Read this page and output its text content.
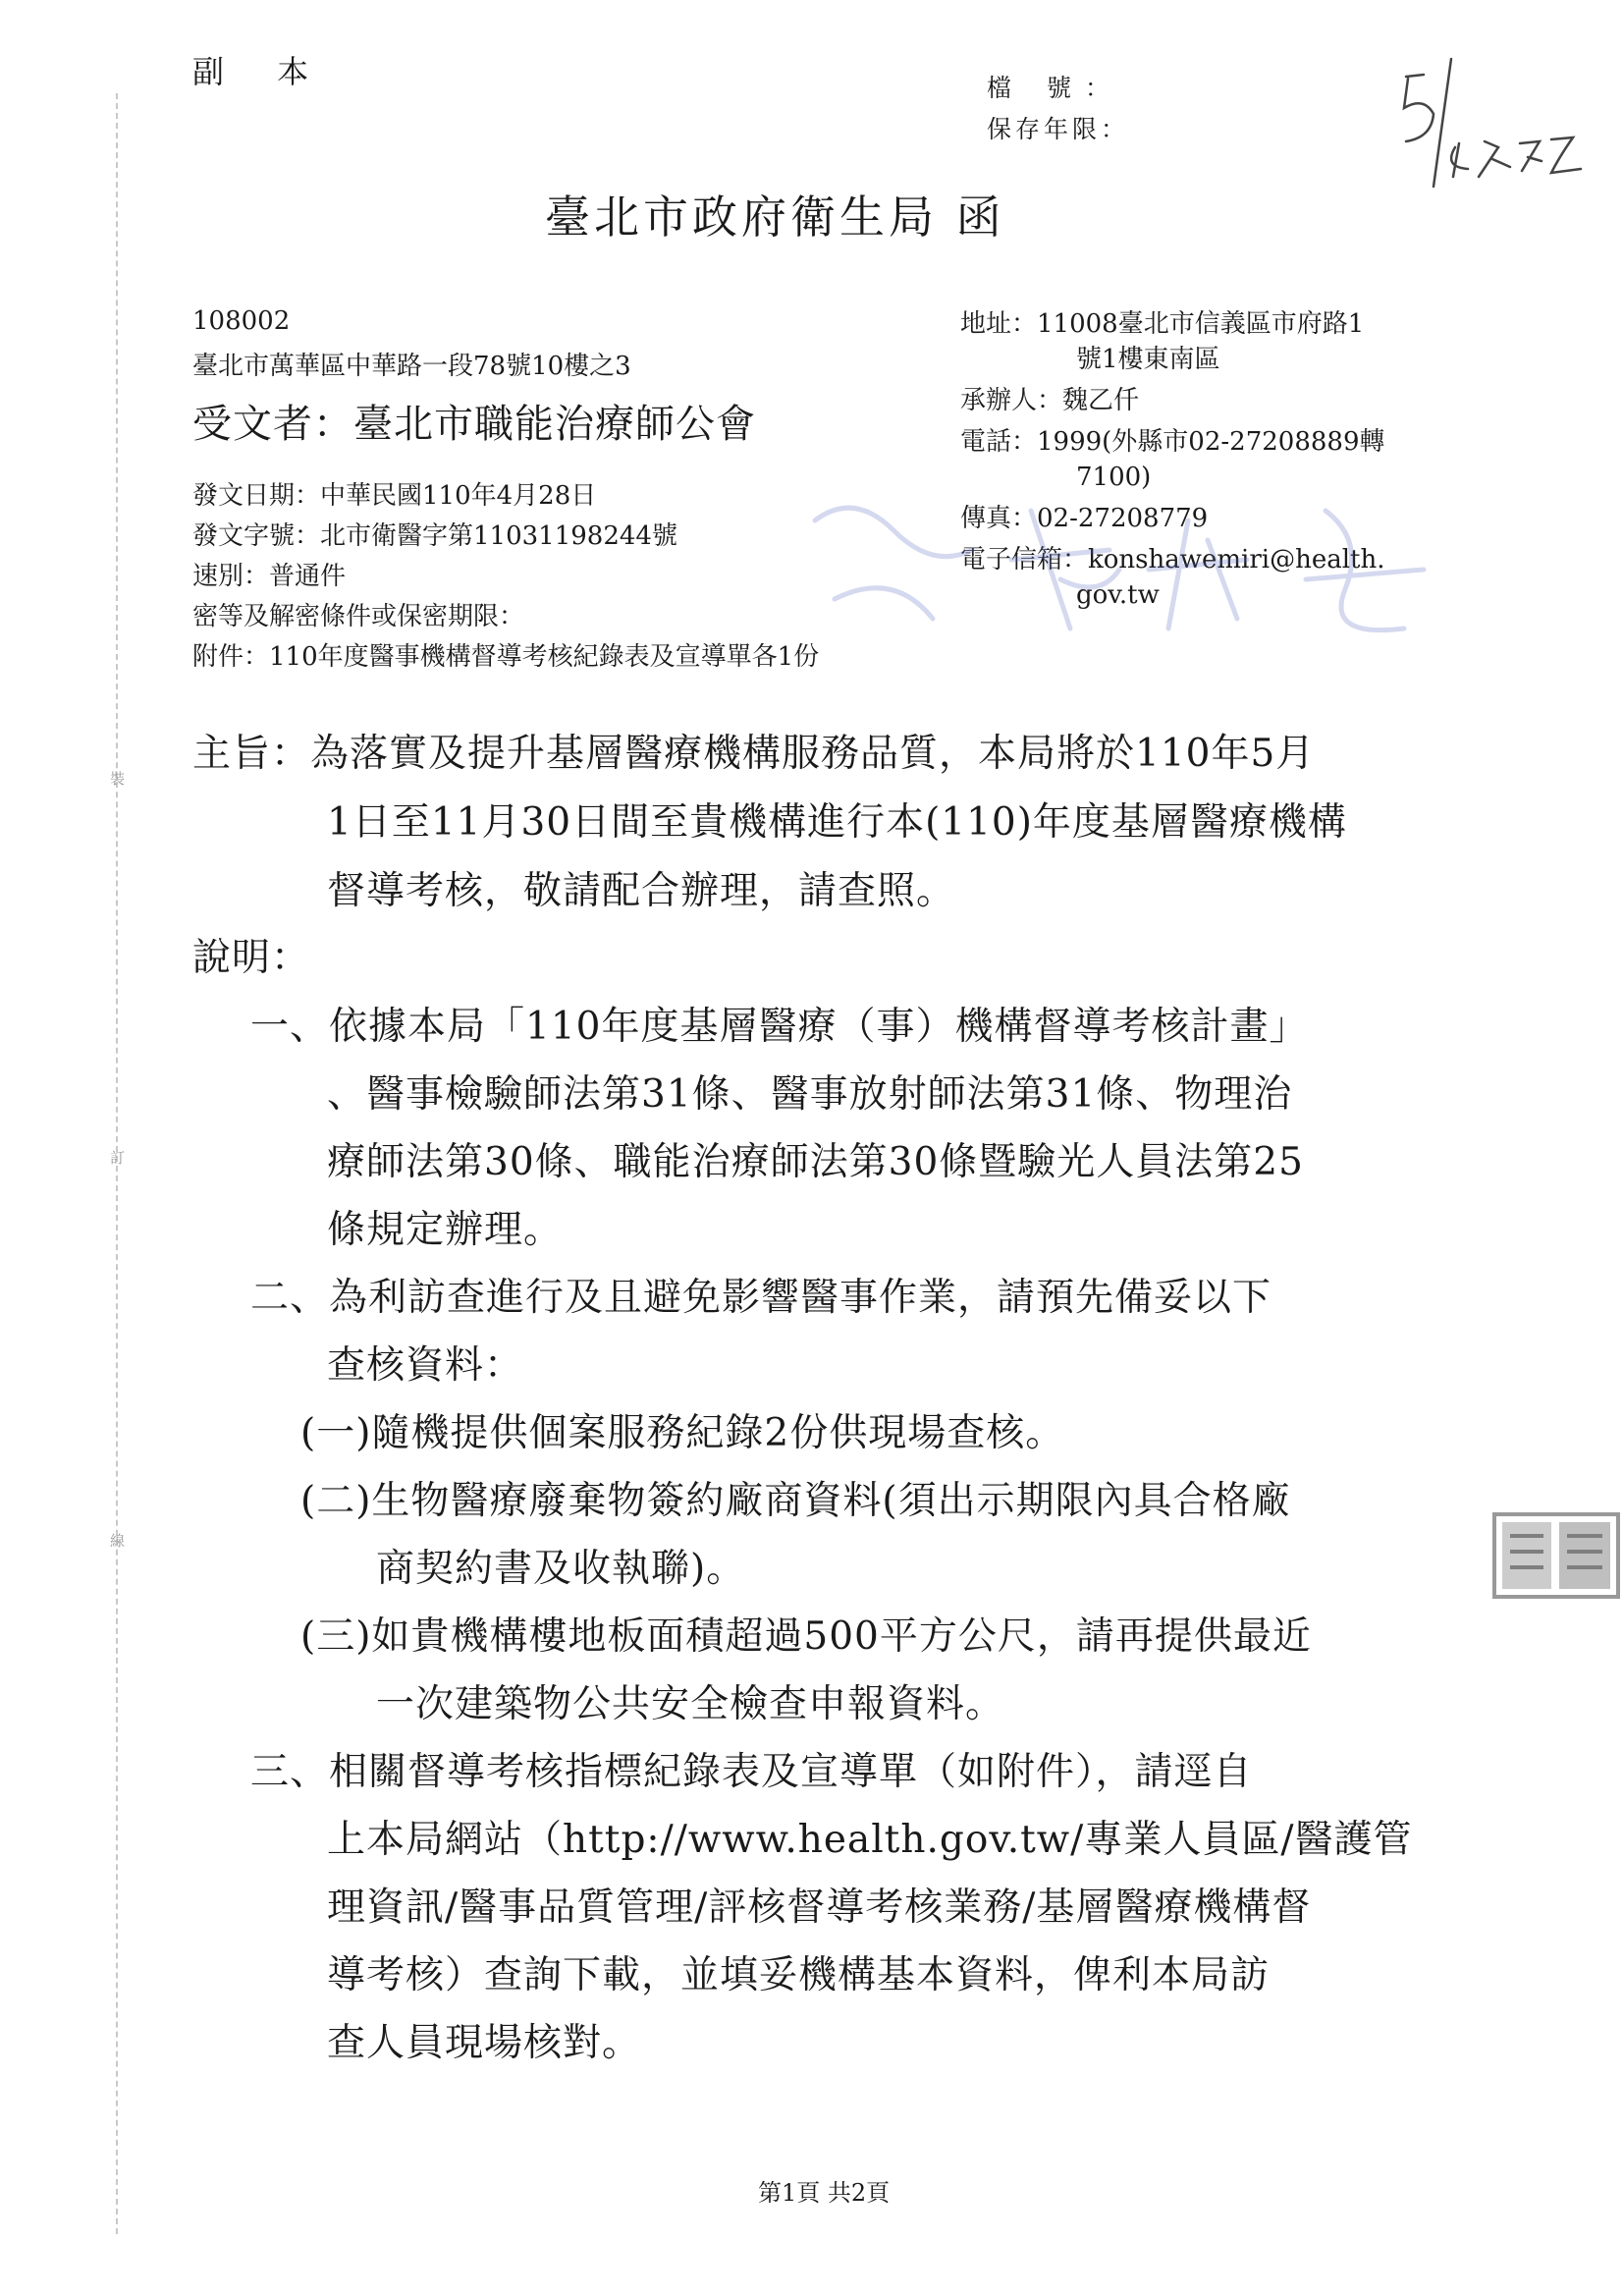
裝
訂
線
副 本	檔 號：
保存年限：
臺北市政府衛生局 函
108002
臺北市萬華區中華路一段78號10樓之3
受文者：臺北市職能治療師公會
地址：11008臺北市信義區市府路1

號1樓東南區
承辦人：魏乙仟
電話：1999(外縣市02-27208889轉
7100)
傳真：02-27208779
電子信箱：konshawemiri@health.
gov.tw
發文日期：中華民國110年4月28日
發文字號：北市衛醫字第11031198244號
速別：普通件
密等及解密條件或保密期限：
附件：110年度醫事機構督導考核紀錄表及宣導單各1份
主旨：為落實及提升基層醫療機構服務品質，本局將於110年5月
1日至11月30日間至貴機構進行本(110)年度基層醫療機構
督導考核，敬請配合辦理，請查照。
說明：
一、依據本局「110年度基層醫療（事）機構督導考核計畫」
、醫事檢驗師法第31條、醫事放射師法第31條、物理治
療師法第30條、職能治療師法第30條暨驗光人員法第25
條規定辦理。
二、為利訪查進行及且避免影響醫事作業，請預先備妥以下
查核資料：
(一)隨機提供個案服務紀錄2份供現場查核。
(二)生物醫療廢棄物簽約廠商資料(須出示期限內具合格廠
商契約書及收執聯)。
(三)如貴機構樓地板面積超過500平方公尺，請再提供最近
一次建築物公共安全檢查申報資料。
三、相關督導考核指標紀錄表及宣導單（如附件），請逕自
上本局網站（http://www.health.gov.tw/專業人員區/醫護管
理資訊/醫事品質管理/評核督導考核業務/基層醫療機構督
導考核）查詢下載，並填妥機構基本資料，俾利本局訪
查人員現場核對。
第1頁 共2頁
